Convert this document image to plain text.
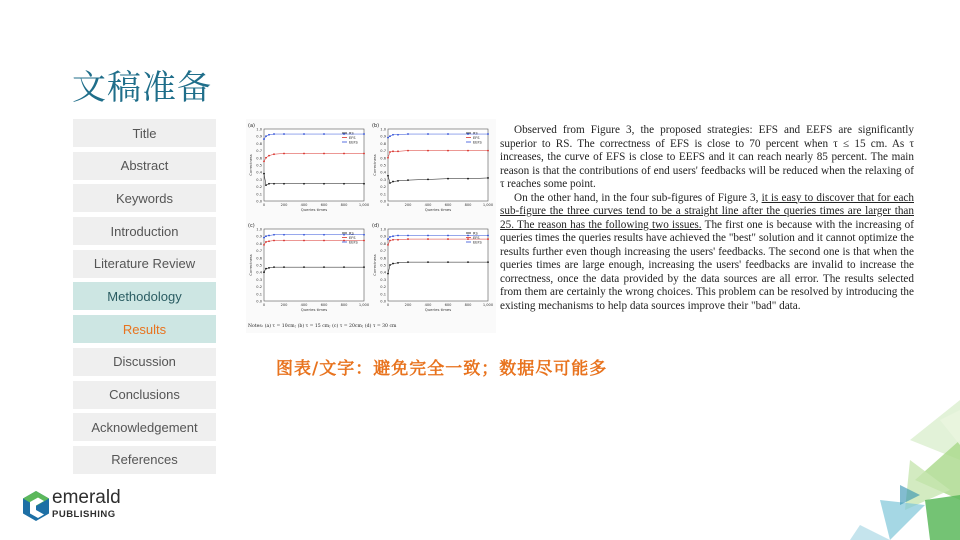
文稿准备
Title
Abstract
Keywords
Introduction
Literature Review
Methodology
Results
Discussion
Conclusions
Acknowledgement
References
(a)
1.0
0.9
0.8
0.7
0.6
0.5
0.4
0.3
0.2
0.1
0.0
0	200	400	600	800	1,000
Queries times
Correctness
RS
EFS
EEFS
(b)
1.0
0.9
0.8
0.7
0.6
0.5
0.4
0.3
0.2
0.1
0.0
0	200	400	600	800	1,000
Queries times
Correctness
RS
EFS
EEFS
(c)
1.0
0.9
0.8
0.7
0.6
0.5
0.4
0.3
0.2
0.1
0.0
0	200	400	600	800	1,000
Queries times
Correctness
RS
EFS
EEFS
(d)
1.0
0.9
0.8
0.7
0.6
0.5
0.4
0.3
0.2
0.1
0.0
0	200	400	600	800	1,000
Queries times
Correctness
RS
EFS
EEFS
Notes: (a) τ = 10cm; (b) τ = 15 cm; (c) τ = 20cm; (d) τ = 30 cm

Observed from Figure 3, the proposed strategies: EFS and EEFS are significantly superior to RS. The correctness of EFS is close to 70 percent when τ ≤ 15 cm. As τ increases, the curve of EFS is close to EEFS and it can reach nearly 85 percent. The main reason is that the contributions of end users' feedbacks will be reduced when the relaxing of τ reaches some point.

On the other hand, in the four sub-figures of Figure 3, it is easy to discover that for each sub-figure the three curves tend to be a straight line after the queries times are larger than 25. The reason has the following two issues. The first one is because with the increasing of queries times the queries results have achieved the "best" solution and it cannot optimize the results further even though increasing the users' feedbacks. The second one is that when the queries times are large enough, increasing the users' feedbacks are invalid to increase the correctness, once the data provided by the data sources are all error. The results selected from them are certainly the wrong choices. This problem can be resolved by introducing the existing mechanisms to help data sources improve their "bad" data.

图表/文字：避免完全一致；数据尽可能多
emerald
PUBLISHING
